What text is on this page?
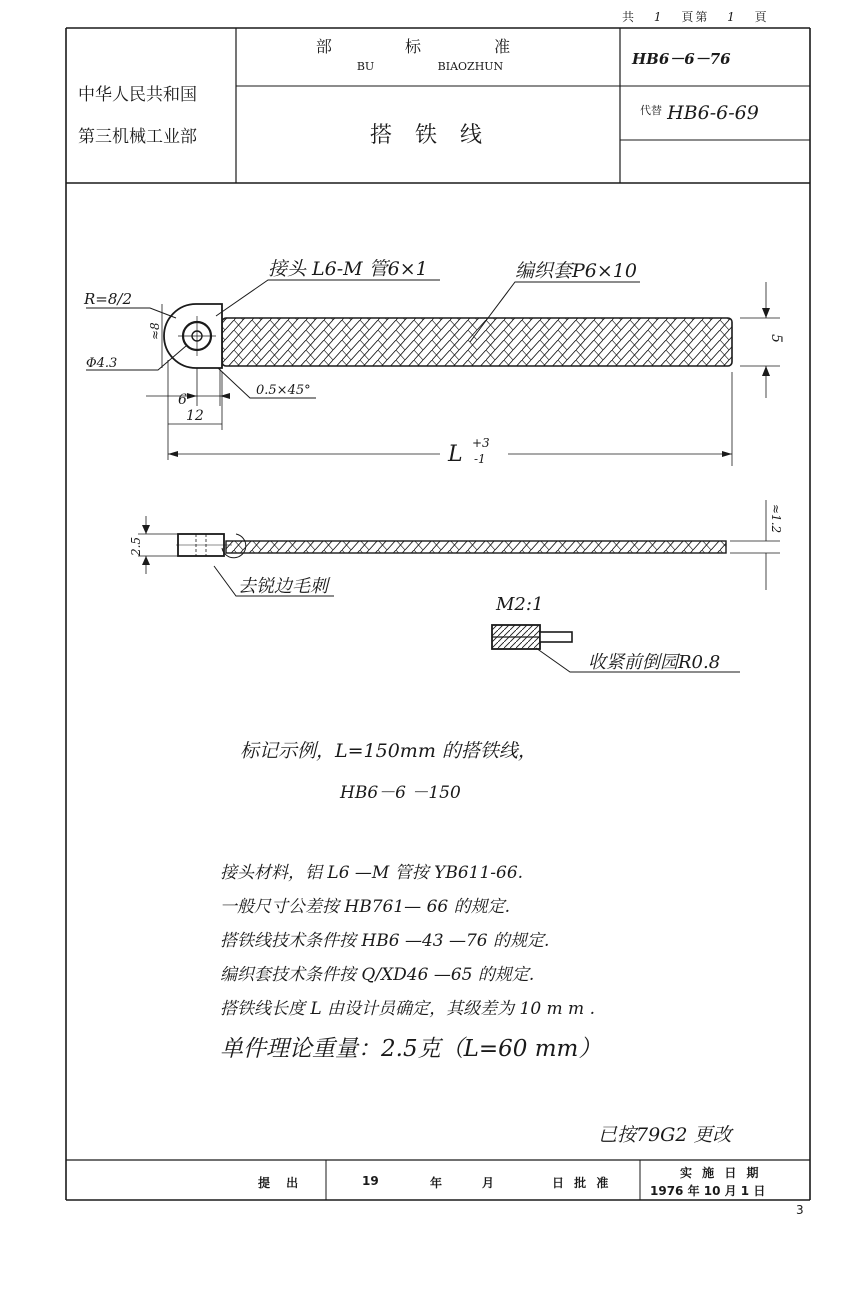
共 1 頁第 1 頁
中华人民共和国
第三机械工业部
部 标 准
BU BIAOZHUN
搭 铁 线
HB6－6－76
$^{代替}$ HB6-6-69
接头 L6-M 管6×1	编织套P6×10
R=8/2
≈8
Φ4.3
0.5×45°
6
12
L +3
-1
5
2.5
≈1.2
去锐边毛刺
M2:1
收紧前倒园R0.8
标记示例，L=150mm 的搭铁线，
HB6－6 －150
接头材料，铝 L6 —M 管按 YB611-66.
一般尺寸公差按 HB761— 66 的规定.
搭铁线技术条件按 HB6 —43 —76 的规定.
编织套技术条件按 Q/XD46 —65 的规定.
搭铁线长度 L 由设计员确定，其级差为 10 m m .
单件理论重量：2.5克（L=60 mm）
已按79G2 更改
提 出	19	年	月	日 批 准
实 施 日 期
1976 年 10 月 1 日
3
